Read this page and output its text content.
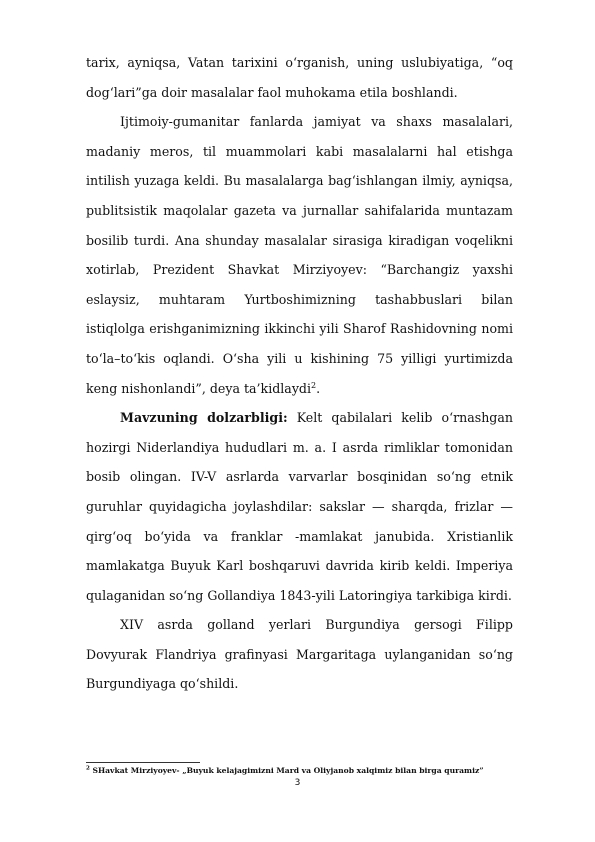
tarix, ayniqsa, Vatan tarixini o‘rganish, uning uslubiyatiga, “oq dog‘lari”ga doir masalalar faol muhokama etila boshlandi.

Ijtimoiy-gumanitar fanlarda jamiyat va shaxs masalalari, madaniy meros, til muammolari kabi masalalarni hal etishga intilish yuzaga keldi. Bu masalalarga bag‘ishlangan ilmiy, ayniqsa, publitsistik maqolalar gazeta va jurnallar sahifalarida muntazam bosilib turdi. Ana shunday masalalar sirasiga kiradigan voqelikni xotirlab, Prezident Shavkat Mirziyoyev: “Barchangiz yaxshi eslaysiz, muhtaram Yurtboshimizning tashabbuslari bilan istiqlolga erishganimizning ikkinchi yili Sharof Rashidovning nomi to‘la–to‘kis oqlandi. O‘sha yili u kishining 75 yilligi yurtimizda keng nishonlandi”, deya ta’kidlaydi$^2$.

Mavzuning dolzarbligi: Kelt qabilalari kelib o‘rnashgan hozirgi Niderlandiya hududlari m. a. I asrda rimliklar tomonidan bosib olingan. IV-V asrlarda varvarlar bosqinidan so‘ng etnik guruhlar quyidagicha joylashdilar: sakslar — sharqda, frizlar — qirg‘oq bo‘yida va franklar -mamlakat janubida. Xristianlik mamlakatga Buyuk Karl boshqaruvi davrida kirib keldi. Imperiya qulaganidan so‘ng Gollandiya 1843-yili Latoringiya tarkibiga kirdi.

XIV asrda golland yerlari Burgundiya gersogi Filipp Dovyurak Flandriya grafinyasi Margaritaga uylanganidan so‘ng Burgundiyaga qo‘shildi.

$^2$ SHavkat Mirziyoyev- „Buyuk kelajagimizni Mard va Oliyjanob xalqimiz bilan birga quramiz”
3
